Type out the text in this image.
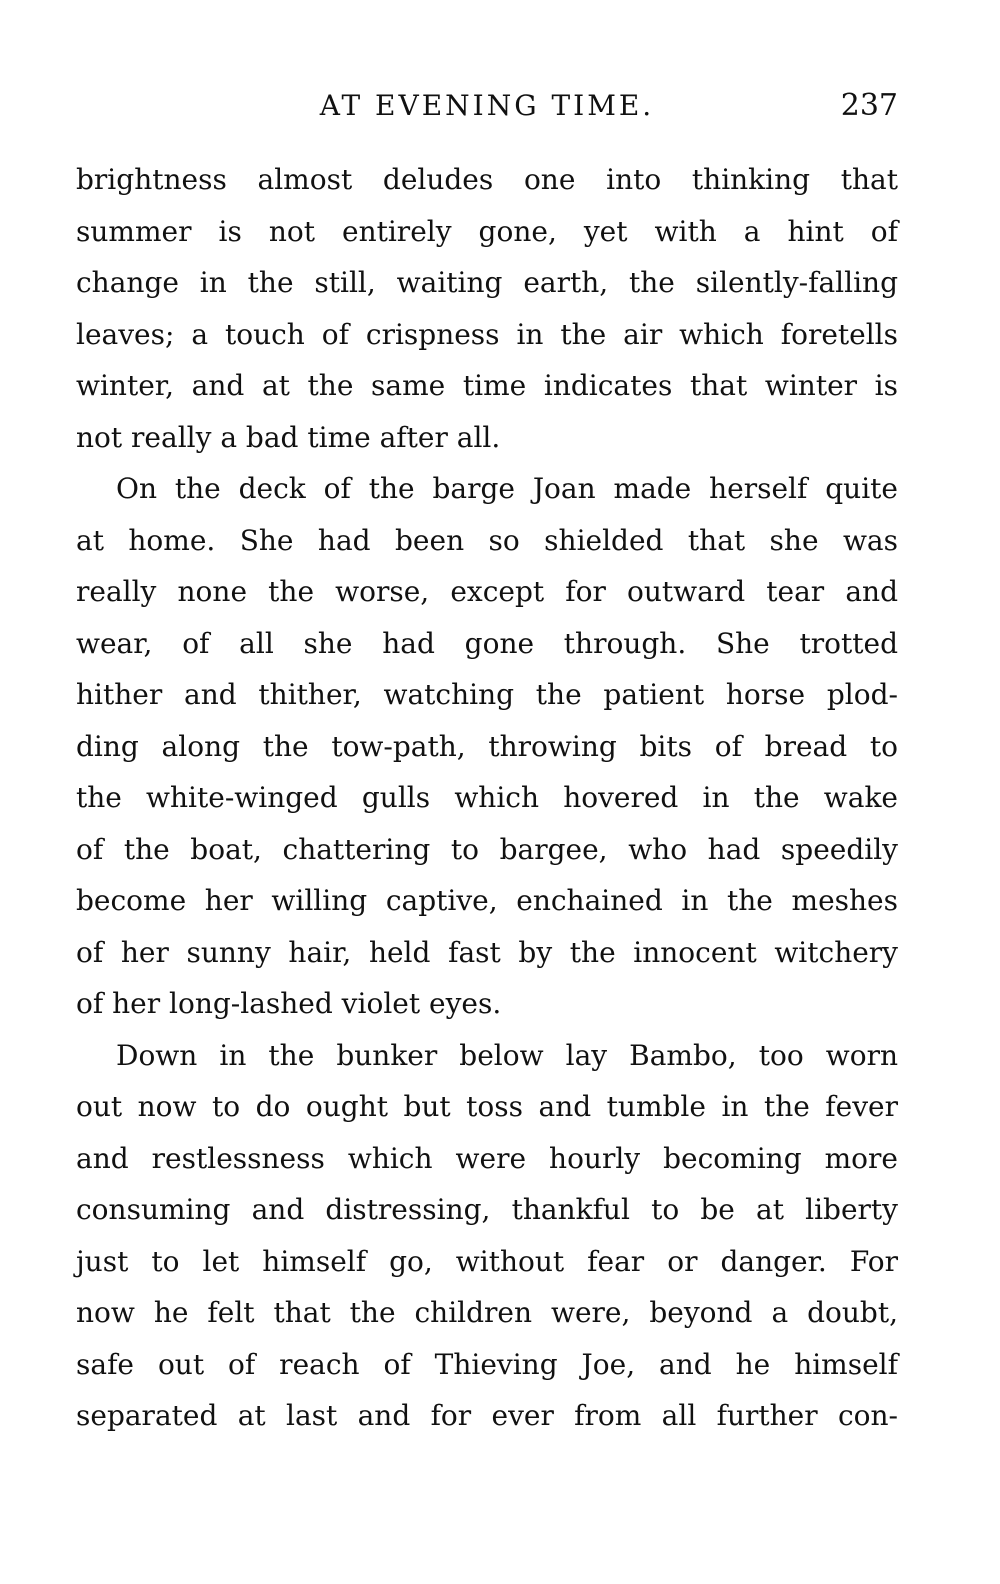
AT EVENING TIME.	237
brightness almost deludes one into thinking that
summer is not entirely gone, yet with a hint of
change in the still, waiting earth, the silently-falling
leaves; a touch of crispness in the air which foretells
winter, and at the same time indicates that winter is
not really a bad time after all.
On the deck of the barge Joan made herself quite
at home. She had been so shielded that she was
really none the worse, except for outward tear and
wear, of all she had gone through. She trotted
hither and thither, watching the patient horse plod-
ding along the tow-path, throwing bits of bread to
the white-winged gulls which hovered in the wake
of the boat, chattering to bargee, who had speedily
become her willing captive, enchained in the meshes
of her sunny hair, held fast by the innocent witchery
of her long-lashed violet eyes.
Down in the bunker below lay Bambo, too worn
out now to do ought but toss and tumble in the fever
and restlessness which were hourly becoming more
consuming and distressing, thankful to be at liberty
just to let himself go, without fear or danger. For
now he felt that the children were, beyond a doubt,
safe out of reach of Thieving Joe, and he himself
separated at last and for ever from all further con-
